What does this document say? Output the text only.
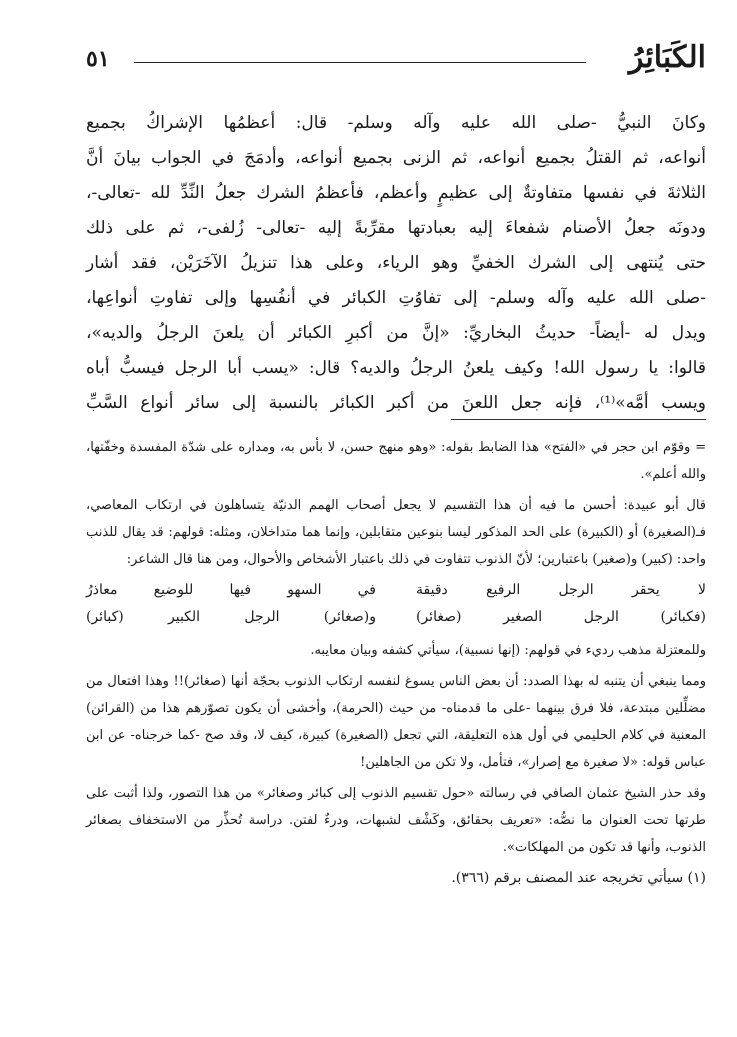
الكَبَائِرُ
٥١

وكانَ النبيُّ -صلى الله عليه وآله وسلم- قال: أعظمُها الإشراكُ بجميع
أنواعه، ثم القتلُ بجميع أنواعه، ثم الزنى بجميع أنواعه، وأدمَجَ في الجواب بيانَ أنَّ
الثلاثةَ في نفسها متفاوتةٌ إلى عظيمٍ وأعظم، فأعظمُ الشرك جعلُ النِّدِّ لله -تعالى-،
ودونَه جعلُ الأصنام شفعاءَ إليه بعبادتها مقرِّبةً إليه -تعالى- زُلفى-، ثم على ذلك
حتى يُنتهى إلى الشرك الخفيِّ وهو الرياء، وعلى هذا تنزيلُ الآخَرَيْن، فقد أشار
-صلى الله عليه وآله وسلم- إلى تفاوُتِ الكبائر في أنفُسِها وإلى تفاوتِ أنواعِها،
ويدل له -أيضاً- حديثُ البخاريِّ: «إنَّ من أكبرِ الكبائر أن يلعنَ الرجلُ والديه»،
قالوا: يا رسول الله! وكيف يلعنُ الرجلُ والديه؟ قال: «يسب أبا الرجل فيسبُّ أباه
ويسب أمَّه»⁽¹⁾، فإنه جعل اللعنَ من أكبر الكبائر بالنسبة إلى سائر أنواع السَّبِّ

= وقوّم ابن حجر في «الفتح» هذا الضابط بقوله: «وهو منهج حسن، لا بأس به، ومداره على شدّة المفسدة وخفّتها، والله أعلم».

قال أبو عبيدة: أحسن ما فيه أن هذا التقسيم لا يجعل أصحاب الهمم الدنيّة يتساهلون في ارتكاب المعاصي، فـ(الصغيرة) أو (الكبيرة) على الحد المذكور ليسا بنوعين متقابلين، وإنما هما متداخلان، ومثله: قولهم: قد يقال للذنب واحد: (كبير) و(صغير) باعتبارين؛ لأنّ الذنوب تتفاوت في ذلك باعتبار الأشخاص والأحوال، ومن هنا قال الشاعر:

لا يحقر الرجل الرفيع دقيقة
في السهو فيها للوضيع معاذرُ
(فكبائر) الرجل الصغير (صغائر)
و(صغائر) الرجل الكبير (كبائر)

وللمعتزلة مذهب رديء في قولهم: (إنها نسبية)، سيأتي كشفه وبيان معايبه.

ومما ينبغي أن يتنبه له بهذا الصدد: أن بعض الناس يسوغ لنفسه ارتكاب الذنوب بحجّة أنها (صغائر)!! وهذا افتعال من مضلِّلين مبتدعة، فلا فرق بينهما -على ما قدمناه- من حيث (الحرمة)، وأخشى أن يكون تصوّرهم هذا من (القرائن) المعنية في كلام الحليمي في أول هذه التعليقة، التي تجعل (الصغيرة) كبيرة، كيف لا، وقد صح -كما خرجناه- عن ابن عباس قوله: «لا صغيرة مع إصرار»، فتأمل، ولا تكن من الجاهلين!

وقد حذر الشيخ عثمان الصافي في رسالته «حول تقسيم الذنوب إلى كبائر وصغائر» من هذا التصور، ولذا أثبت على طرتها تحت العنوان ما نصُّه: «تعريف بحقائق، وكَشْف لشبهات، ودرءٌ لفتن. دراسة تُحذِّر من الاستخفاف بصغائر الذنوب، وأنها قد تكون من المهلكات».

(١) سيأتي تخريجه عند المصنف برقم (٣٦٦).
